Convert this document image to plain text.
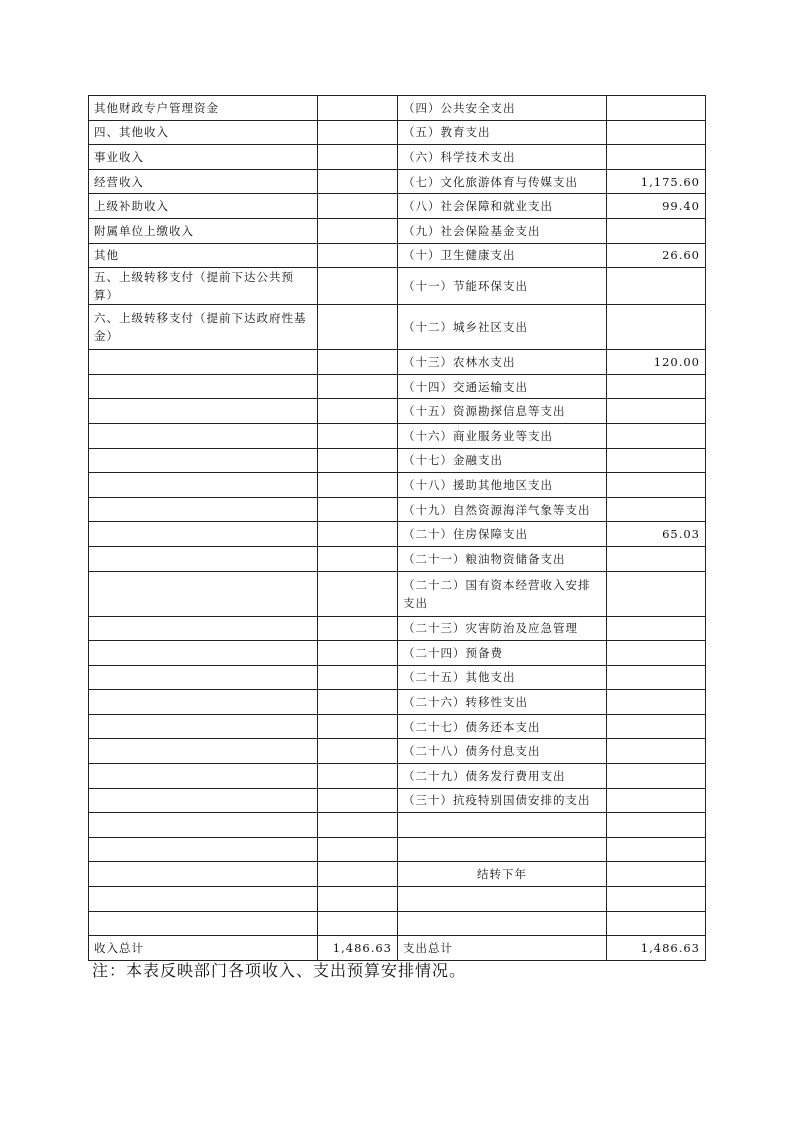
其他财政专户管理资金		（四）公共安全支出	
四、其他收入		（五）教育支出	
事业收入		（六）科学技术支出	
经营收入		（七）文化旅游体育与传媒支出	1,175.60
上级补助收入		（八）社会保障和就业支出	99.40
附属单位上缴收入		（九）社会保险基金支出	
其他		（十）卫生健康支出	26.60
五、上级转移支付（提前下达公共预算）		（十一）节能环保支出	
六、上级转移支付（提前下达政府性基金）		（十二）城乡社区支出	
		（十三）农林水支出	120.00
		（十四）交通运输支出	
		（十五）资源勘探信息等支出	
		（十六）商业服务业等支出	
		（十七）金融支出	
		（十八）援助其他地区支出	
		（十九）自然资源海洋气象等支出	
		（二十）住房保障支出	65.03
		（二十一）粮油物资储备支出	
		（二十二）国有资本经营收入安排支出	
		（二十三）灾害防治及应急管理	
		（二十四）预备费	
		（二十五）其他支出	
		（二十六）转移性支出	
		（二十七）债务还本支出	
		（二十八）债务付息支出	
		（二十九）债务发行费用支出	
		（三十）抗疫特别国债安排的支出	

		结转下年	

收入总计	1,486.63	支出总计	1,486.63
注：本表反映部门各项收入、支出预算安排情况。
